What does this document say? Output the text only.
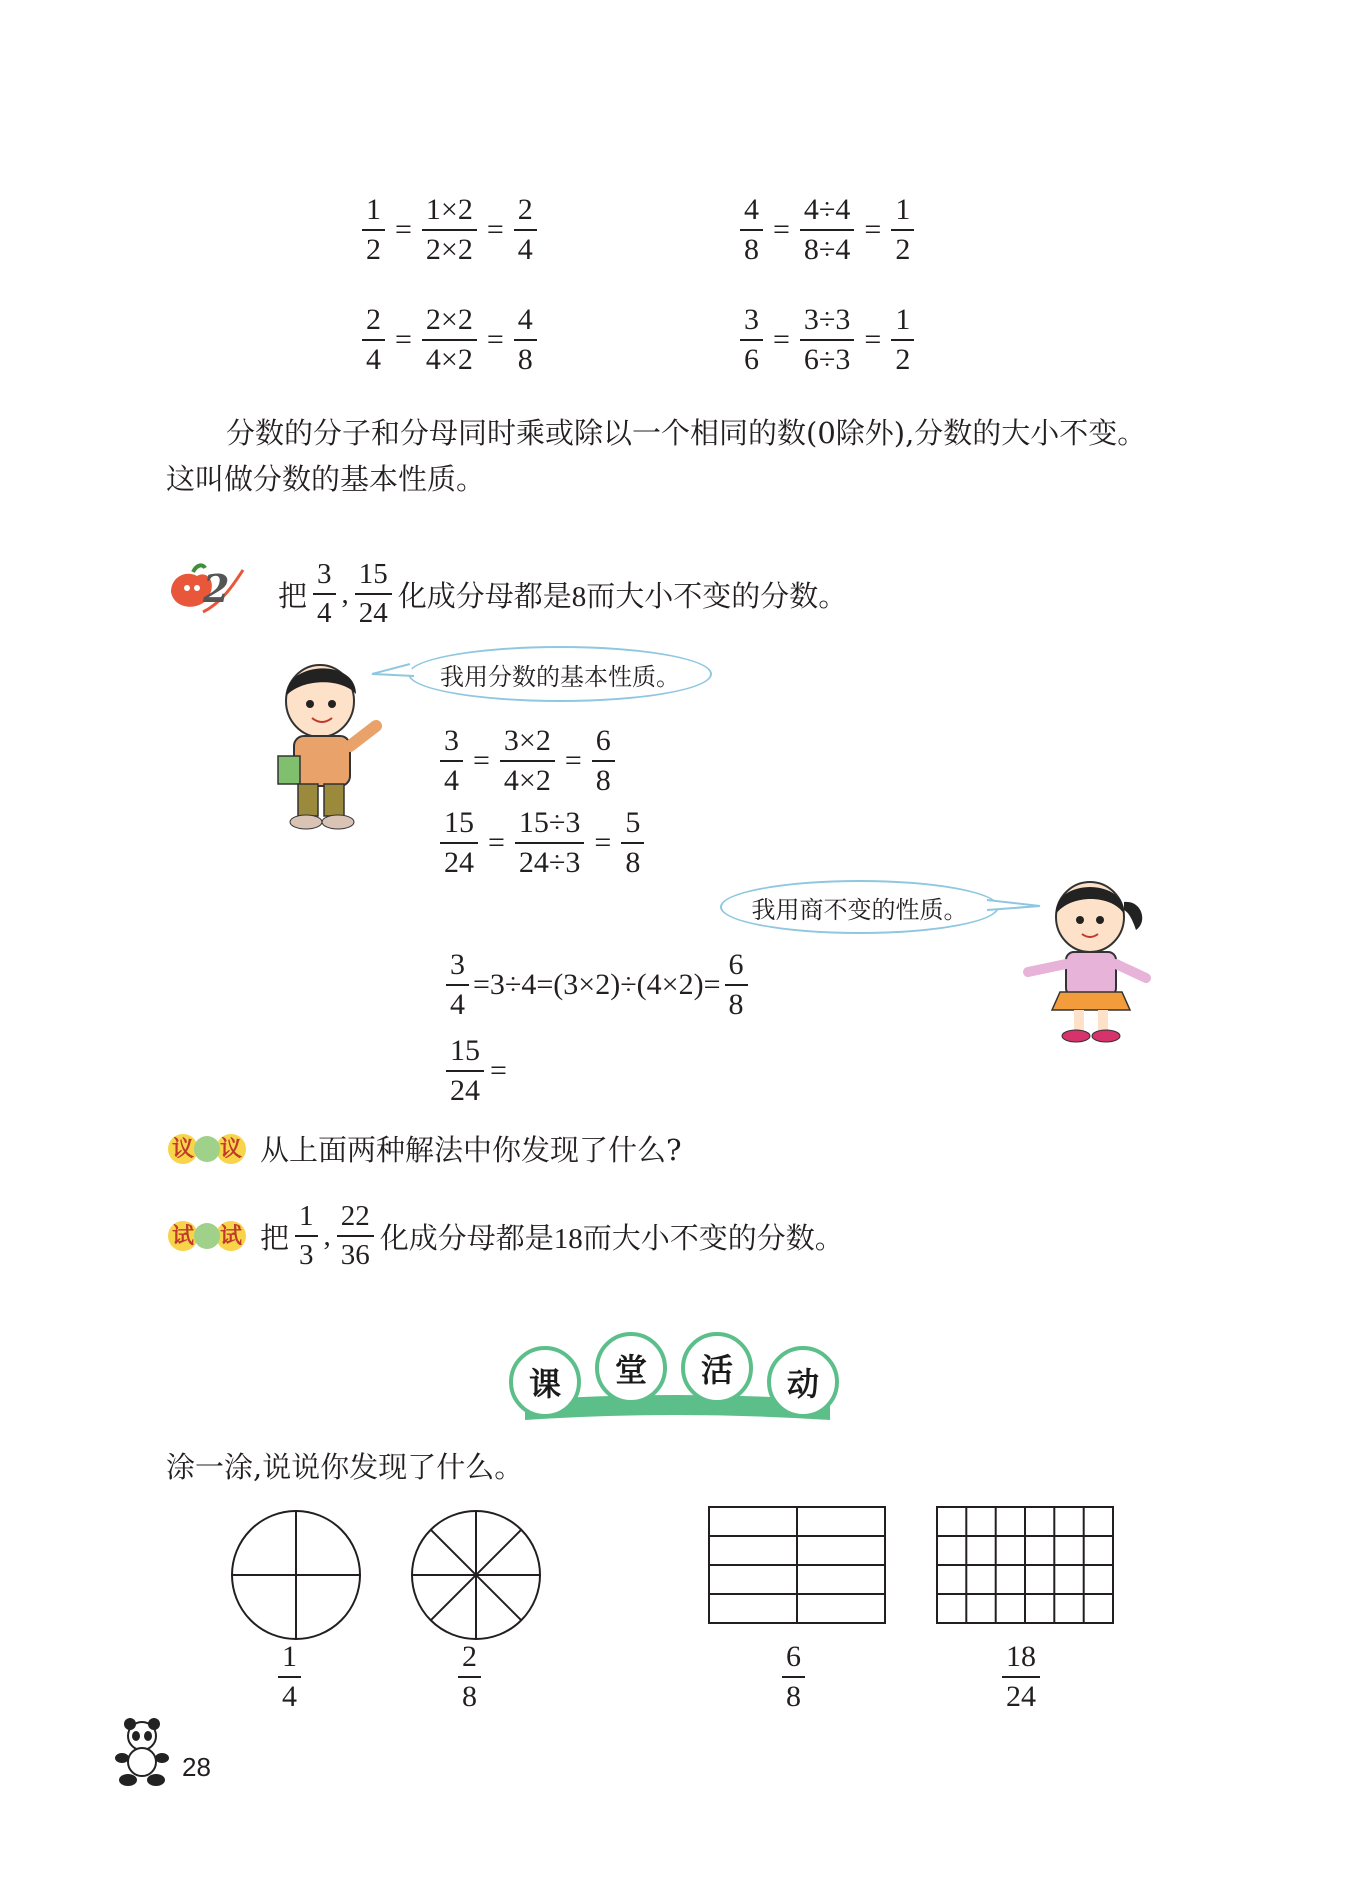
$\frac{1}{2} = \frac{1\times 2}{2\times 2} = \frac{2}{4}$	$\frac{4}{8} = \frac{4\div 4}{8\div 4} = \frac{1}{2}$
$\frac{2}{4} = \frac{2\times 2}{4\times 2} = \frac{4}{8}$	$\frac{3}{6} = \frac{3\div 3}{6\div 3} = \frac{1}{2}$
分数的分子和分母同时乘或除以一个相同的数(0除外),分数的大小不变。
这叫做分数的基本性质。
2 把 $\frac{3}{4}$ , $\frac{15}{24}$ 化成分母都是8而大小不变的分数。
我用分数的基本性质。
$\frac{3}{4} = \frac{3\times 2}{4\times 2} = \frac{6}{8}$
$\frac{15}{24} = \frac{15\div 3}{24\div 3} = \frac{5}{8}$
我用商不变的性质。
$\frac{3}{4} =3\div 4=(3\times 2)\div(4\times 2)= \frac{6}{8}$
$\frac{15}{24}$ =
议 议 从上面两种解法中你发现了什么?
试 试 把 $\frac{1}{3}$ , $\frac{22}{36}$ 化成分母都是18而大小不变的分数。
课	堂	活	动
涂一涂,说说你发现了什么。
$\frac{1}{4}$	$\frac{2}{8}$	$\frac{6}{8}$	$\frac{18}{24}$
28
